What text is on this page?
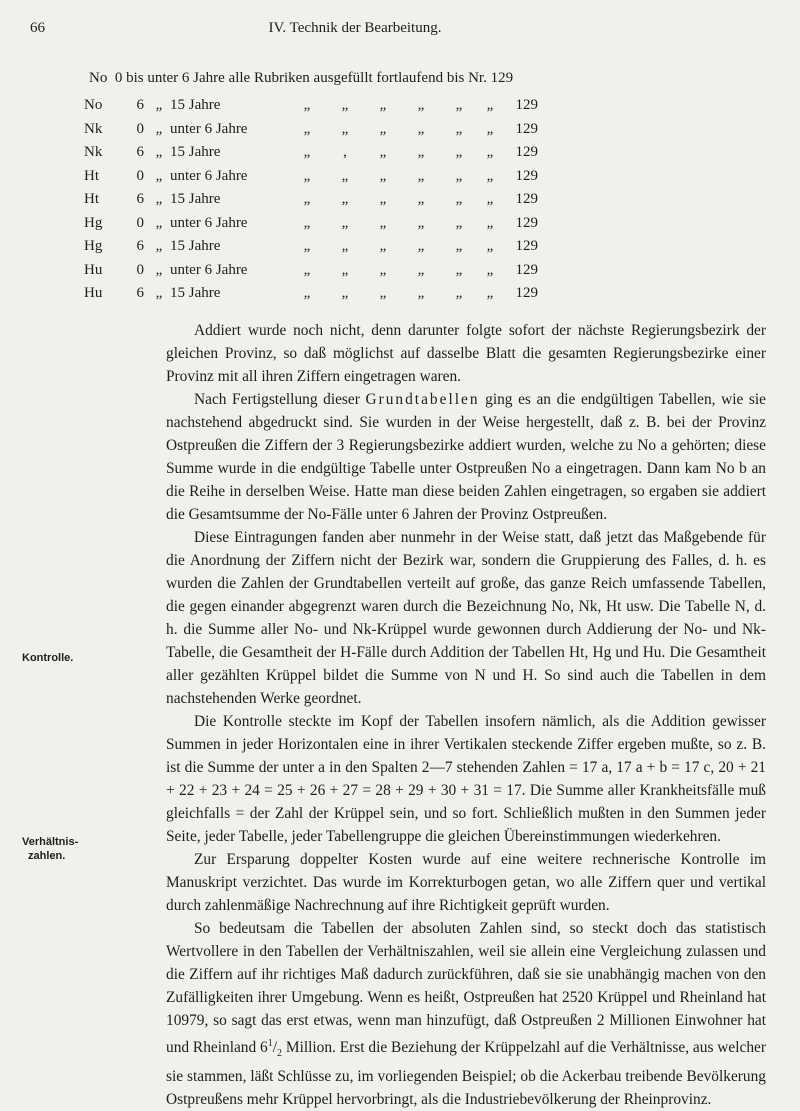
66	IV. Technik der Bearbeitung.
No  0 bis unter 6 Jahre alle Rubriken ausgefüllt fortlaufend bis Nr. 129
No	6	„	15 Jahre	„	„	„	„	„	„	129
Nk	0	„	unter 6 Jahre	„	„	„	„	„	„	129
Nk	6	„	15 Jahre	„	,	„	„	„	„	129
Ht	0	„	unter 6 Jahre	„	„	„	„	„	„	129
Ht	6	„	15 Jahre	„	„	„	„	„	„	129
Hg	0	„	unter 6 Jahre	„	„	„	„	„	„	129
Hg	6	„	15 Jahre	„	„	„	„	„	„	129
Hu	0	„	unter 6 Jahre	„	„	„	„	„	„	129
Hu	6	„	15 Jahre	„	„	„	„	„	„	129
Kontrolle.
Verhältnis-
zahlen.

Addiert wurde noch nicht, denn darunter folgte sofort der nächste Regierungsbezirk der gleichen Provinz, so daß möglichst auf dasselbe Blatt die gesamten Regierungsbezirke einer Provinz mit all ihren Ziffern eingetragen waren.

Nach Fertigstellung dieser Grundtabellen ging es an die endgültigen Tabellen, wie sie nachstehend abgedruckt sind. Sie wurden in der Weise hergestellt, daß z. B. bei der Provinz Ostpreußen die Ziffern der 3 Regierungsbezirke addiert wurden, welche zu No a gehörten; diese Summe wurde in die endgültige Tabelle unter Ostpreußen No a eingetragen. Dann kam No b an die Reihe in derselben Weise. Hatte man diese beiden Zahlen eingetragen, so ergaben sie addiert die Gesamtsumme der No-Fälle unter 6 Jahren der Provinz Ostpreußen.

Diese Eintragungen fanden aber nunmehr in der Weise statt, daß jetzt das Maßgebende für die Anordnung der Ziffern nicht der Bezirk war, sondern die Gruppierung des Falles, d. h. es wurden die Zahlen der Grundtabellen verteilt auf große, das ganze Reich umfassende Tabellen, die gegen einander abgegrenzt waren durch die Bezeichnung No, Nk, Ht usw. Die Tabelle N, d. h. die Summe aller No- und Nk-Krüppel wurde gewonnen durch Addierung der No- und Nk-Tabelle, die Gesamtheit der H-Fälle durch Addition der Tabellen Ht, Hg und Hu. Die Gesamtheit aller gezählten Krüppel bildet die Summe von N und H. So sind auch die Tabellen in dem nachstehenden Werke geordnet.

Die Kontrolle steckte im Kopf der Tabellen insofern nämlich, als die Addition gewisser Summen in jeder Horizontalen eine in ihrer Vertikalen steckende Ziffer ergeben mußte, so z. B. ist die Summe der unter a in den Spalten 2—7 stehenden Zahlen = 17 a, 17 a + b = 17 c, 20 + 21 + 22 + 23 + 24 = 25 + 26 + 27 = 28 + 29 + 30 + 31 = 17. Die Summe aller Krankheitsfälle muß gleichfalls = der Zahl der Krüppel sein, und so fort. Schließlich mußten in den Summen jeder Seite, jeder Tabelle, jeder Tabellengruppe die gleichen Übereinstimmungen wiederkehren.

Zur Ersparung doppelter Kosten wurde auf eine weitere rechnerische Kontrolle im Manuskript verzichtet. Das wurde im Korrekturbogen getan, wo alle Ziffern quer und vertikal durch zahlenmäßige Nachrechnung auf ihre Richtigkeit geprüft wurden.

So bedeutsam die Tabellen der absoluten Zahlen sind, so steckt doch das statistisch Wertvollere in den Tabellen der Verhältniszahlen, weil sie allein eine Vergleichung zulassen und die Ziffern auf ihr richtiges Maß dadurch zurückführen, daß sie sie unabhängig machen von den Zufälligkeiten ihrer Umgebung. Wenn es heißt, Ostpreußen hat 2520 Krüppel und Rheinland hat 10979, so sagt das erst etwas, wenn man hinzufügt, daß Ostpreußen 2 Millionen Einwohner hat und Rheinland $6^1/_2$ Million. Erst die Beziehung der Krüppelzahl auf die Verhältnisse, aus welcher sie stammen, läßt Schlüsse zu, im vorliegenden Beispiel; ob die Ackerbau treibende Bevölkerung Ostpreußens mehr Krüppel hervorbringt, als die Industriebevölkerung der Rheinprovinz.
